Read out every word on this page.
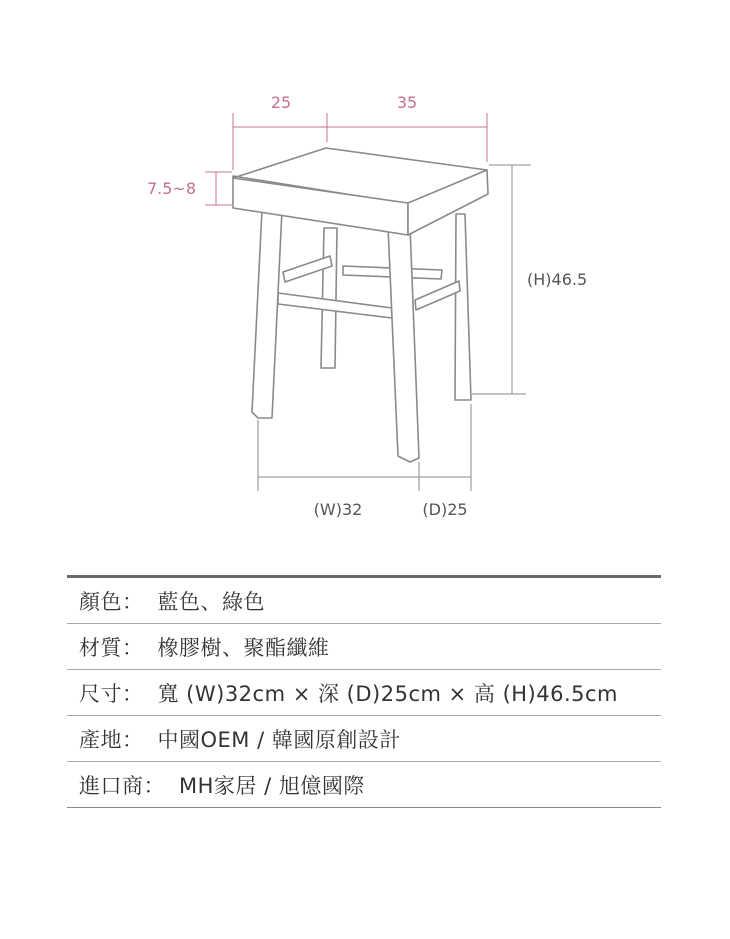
25	35
7.5~8
(H)46.5
(W)32	(D)25
顏色 ： 藍色、綠色
材質 ： 橡膠樹、聚酯纖維
尺寸 ： 寬 (W)32cm × 深 (D)25cm × 高 (H)46.5cm
產地 ： 中國OEM / 韓國原創設計
進口商 ： MH家居 / 旭億國際
